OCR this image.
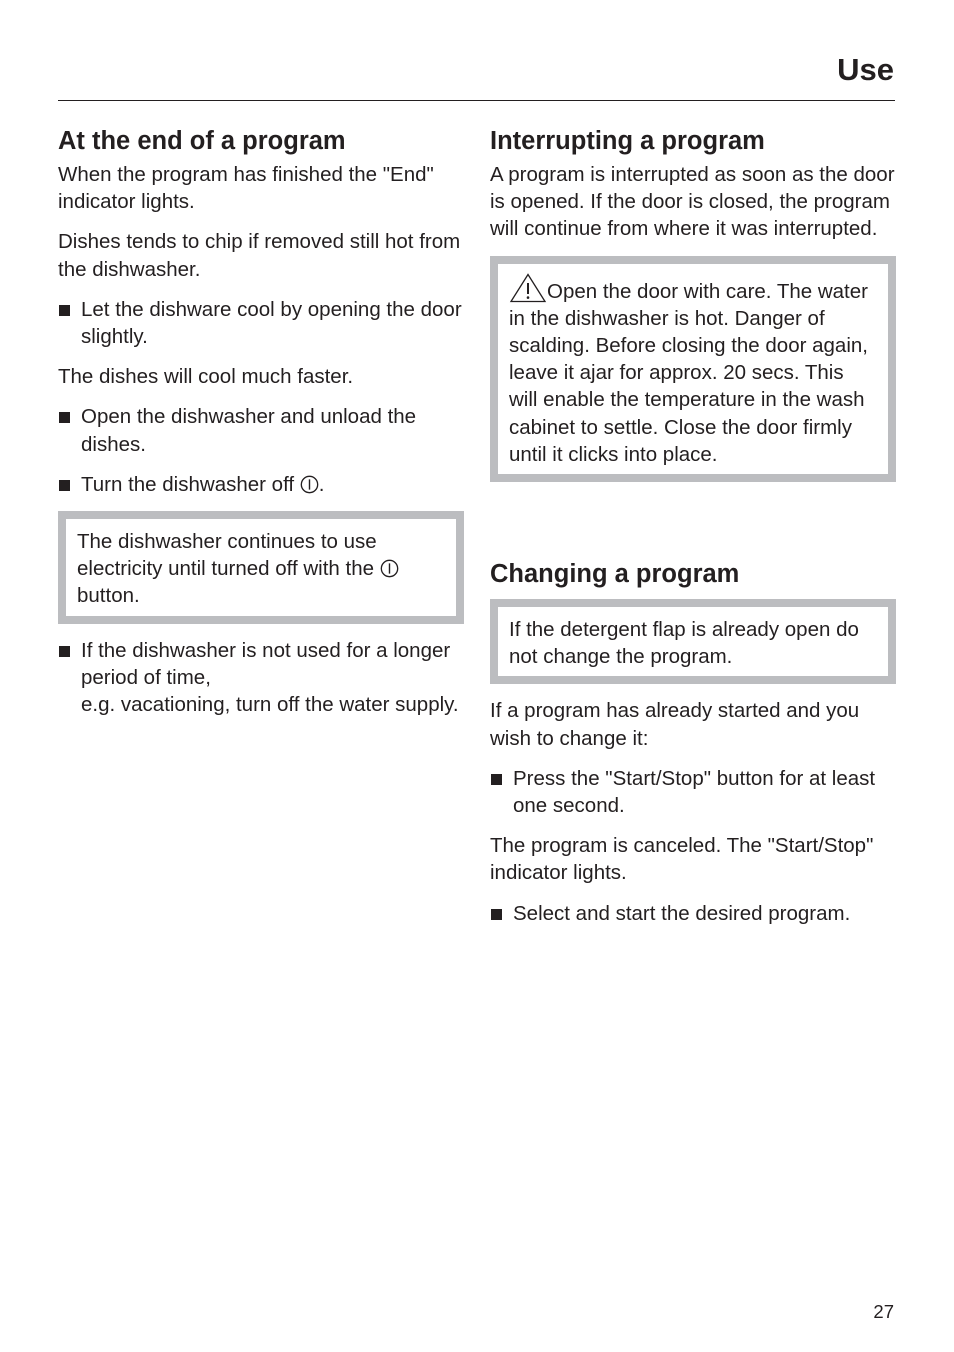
Use
At the end of a program

When the program has finished the "End" indicator lights.

Dishes tends to chip if removed still hot from the dishwasher.

Let the dishware cool by opening the door slightly.

The dishes will cool much faster.

Open the dishwasher and unload the dishes.
Turn the dishwasher off .
The dishwasher continues to use electricity until turned off with the  button.
If the dishwasher is not used for a longer period of time,
e.g. vacationing, turn off the water supply.
Interrupting a program

A program is interrupted as soon as the door is opened. If the door is closed, the program will continue from where it was interrupted.

Open the door with care. The water in the dishwasher is hot. Danger of scalding. Before closing the door again, leave it ajar for approx. 20 secs. This will enable the temperature in the wash cabinet to settle. Close the door firmly until it clicks into place.
Changing a program
If the detergent flap is already open do not change the program.

If a program has already started and you wish to change it:

Press the "Start/Stop" button for at least one second.

The program is canceled. The "Start/Stop" indicator lights.

Select and start the desired program.
27
